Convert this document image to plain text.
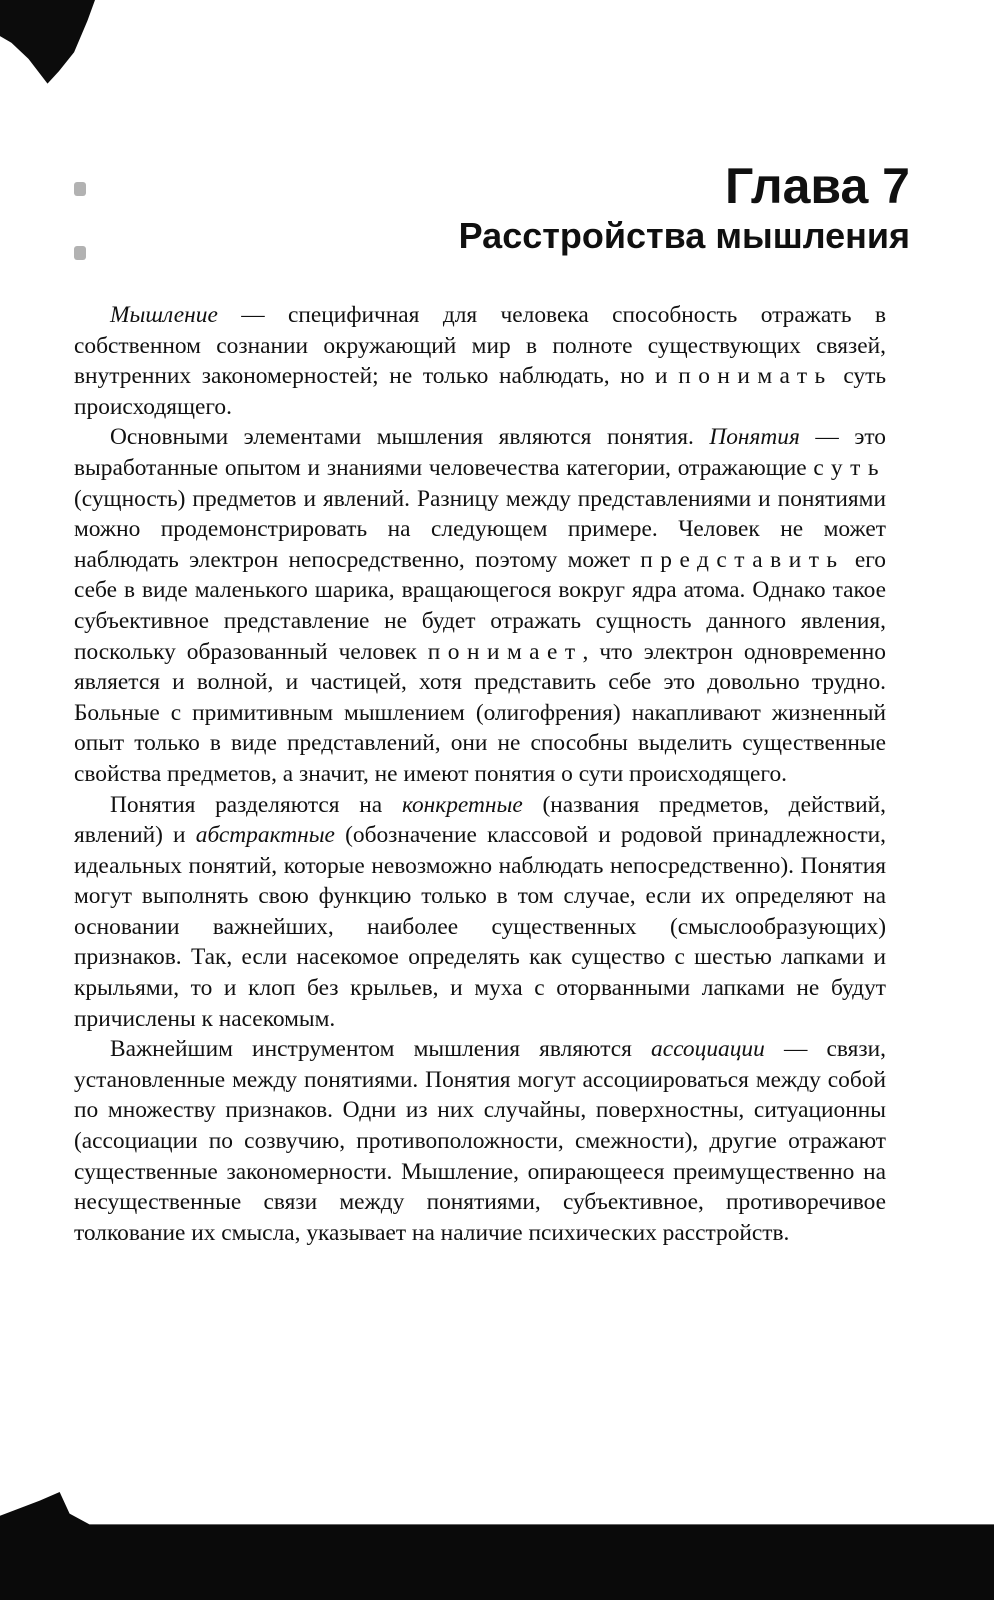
Глава 7
Расстройства мышления

Мышление — специфичная для человека способность отражать в собственном сознании окружающий мир в полноте существующих связей, внутренних закономерностей; не только наблюдать, но и понимать суть происходящего.

Основными элементами мышления являются понятия. Понятия — это выработанные опытом и знаниями человечества категории, отражающие суть (сущность) предметов и явлений. Разницу между представлениями и понятиями можно продемонстрировать на следующем примере. Человек не может наблюдать электрон непосредственно, поэтому может представить его себе в виде маленького шарика, вращающегося вокруг ядра атома. Однако такое субъективное представление не будет отражать сущность данного явления, поскольку образованный человек понимает, что электрон одновременно является и волной, и частицей, хотя представить себе это довольно трудно. Больные с примитивным мышлением (олигофрения) накапливают жизненный опыт только в виде представлений, они не способны выделить существенные свойства предметов, а значит, не имеют понятия о сути происходящего.

Понятия разделяются на конкретные (названия предметов, действий, явлений) и абстрактные (обозначение классовой и родовой принадлежности, идеальных понятий, которые невозможно наблюдать непосредственно). Понятия могут выполнять свою функцию только в том случае, если их определяют на основании важнейших, наиболее существенных (смыслообразующих) признаков. Так, если насекомое определять как существо с шестью лапками и крыльями, то и клоп без крыльев, и муха с оторванными лапками не будут причислены к насекомым.

Важнейшим инструментом мышления являются ассоциации — связи, установленные между понятиями. Понятия могут ассоциироваться между собой по множеству признаков. Одни из них случайны, поверхностны, ситуационны (ассоциации по созвучию, противоположности, смежности), другие отражают существенные закономерности. Мышление, опирающееся преимущественно на несущественные связи между понятиями, субъективное, противоречивое толкование их смысла, указывает на наличие психических расстройств.
